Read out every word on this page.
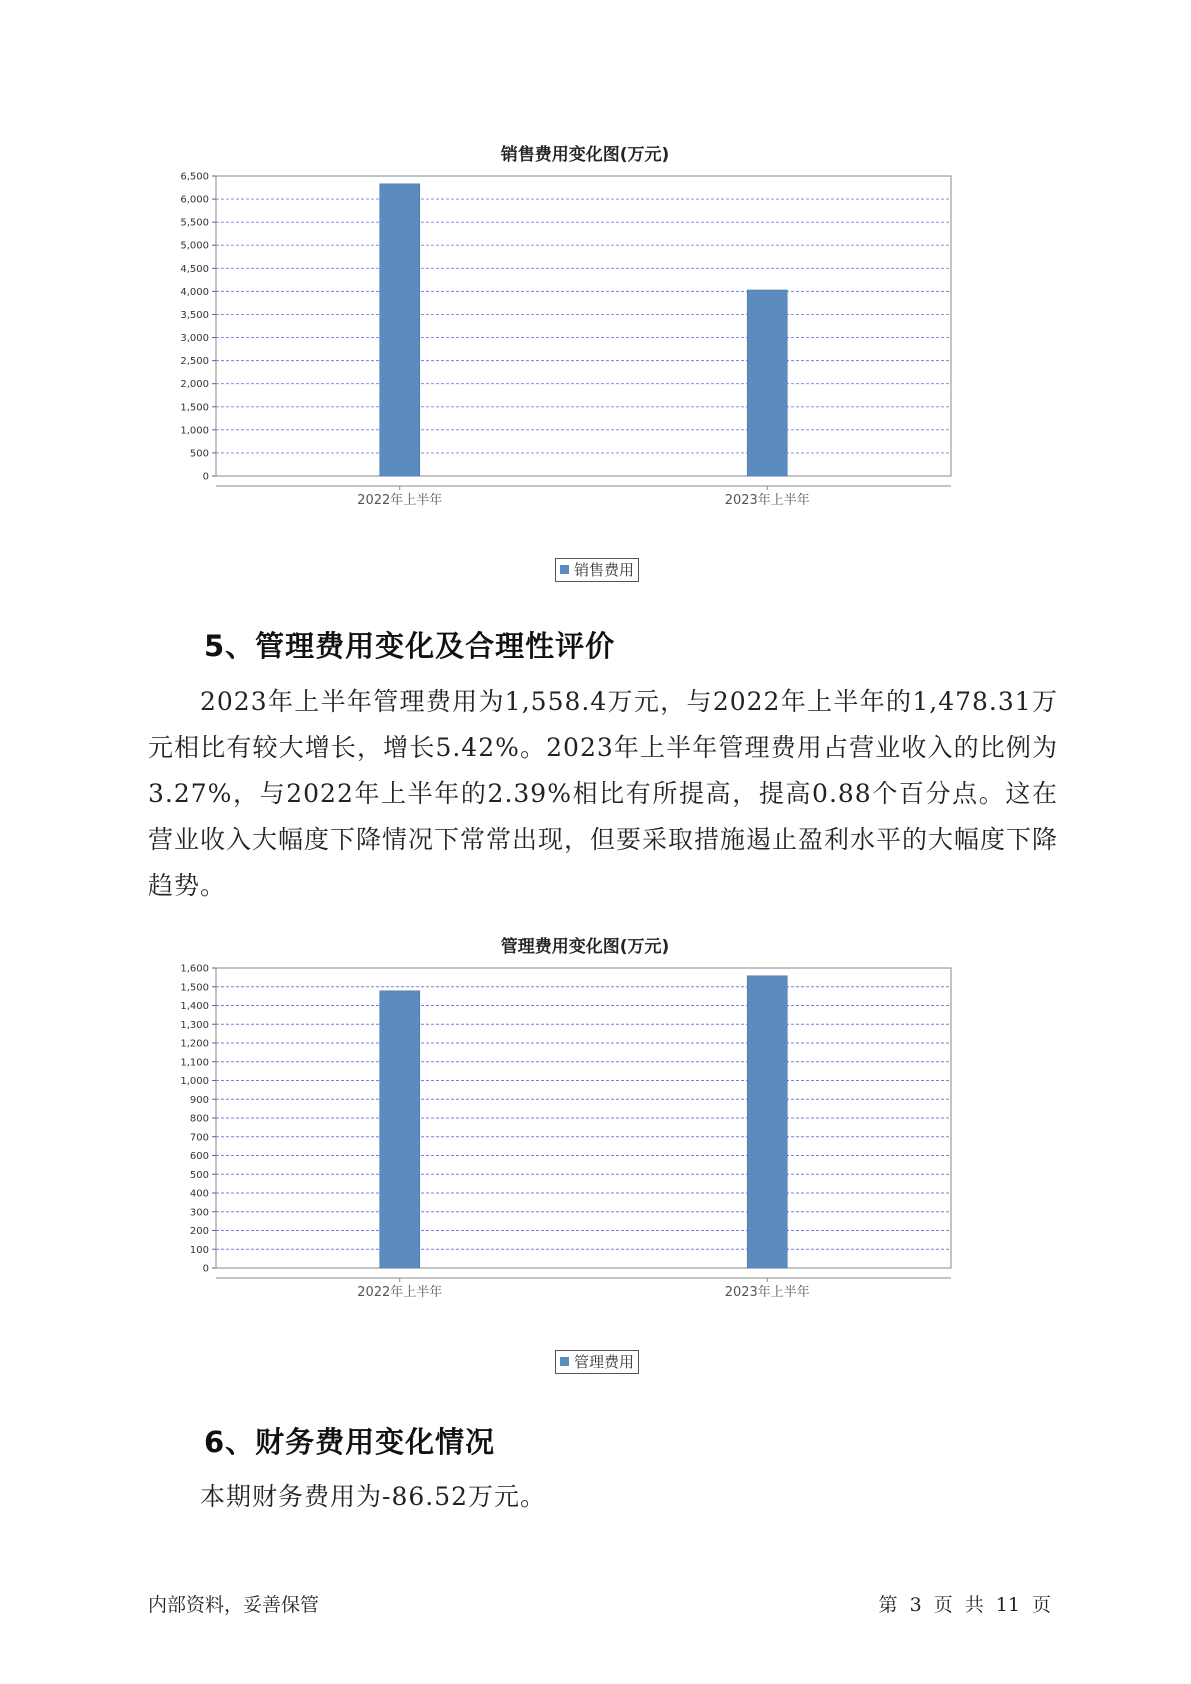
销售费用变化图(万元)
0
500
1,000
1,500
2,000
2,500
3,000
3,500
4,000
4,500
5,000
5,500
6,000
6,500
2022年上半年	2023年上半年
销售费用
5、管理费用变化及合理性评价
2023年上半年管理费用为1,558.4万元，与2022年上半年的1,478.31万元相比有较大增长，增长5.42%。2023年上半年管理费用占营业收入的比例为3.27%，与2022年上半年的2.39%相比有所提高，提高0.88个百分点。这在营业收入大幅度下降情况下常常出现，但要采取措施遏止盈利水平的大幅度下降趋势。
管理费用变化图(万元)
0
100
200
300
400
500
600
700
800
900
1,000
1,100
1,200
1,300
1,400
1,500
1,600
2022年上半年	2023年上半年
管理费用
6、财务费用变化情况
本期财务费用为-86.52万元。
内部资料，妥善保管	第 3 页 共 11 页
